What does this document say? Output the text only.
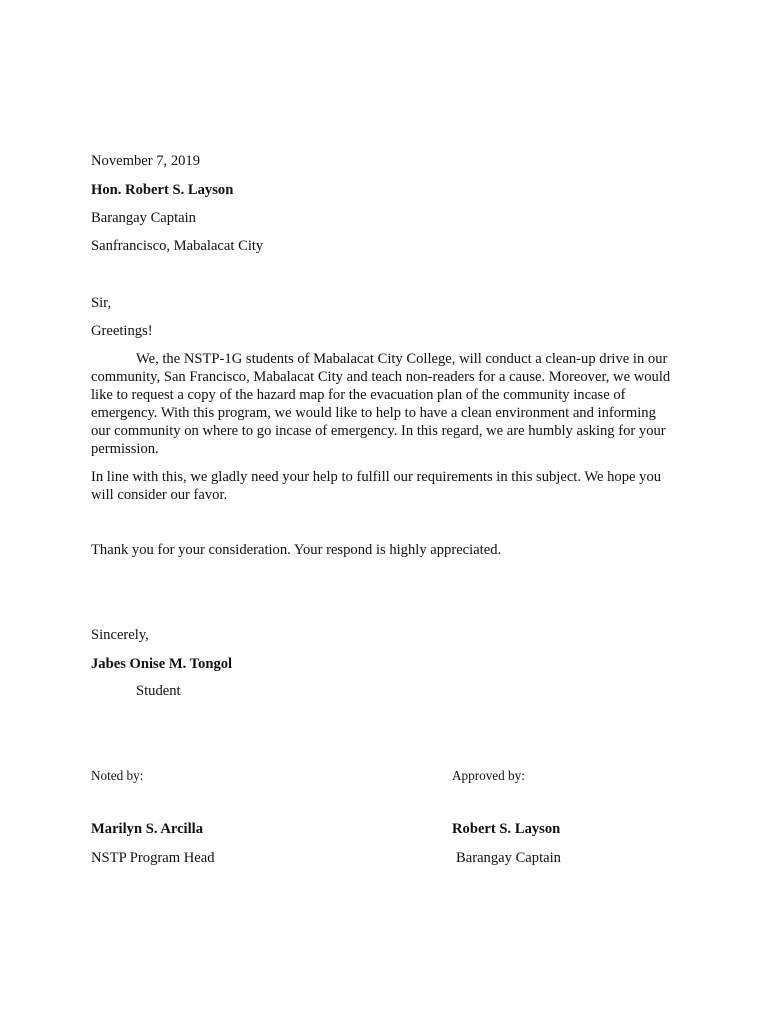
November 7, 2019
Hon. Robert S. Layson
Barangay Captain
Sanfrancisco, Mabalacat City
Sir,
Greetings!
We, the NSTP-1G students of Mabalacat City College, will conduct a clean-up drive in our community, San Francisco, Mabalacat City and teach non-readers for a cause. Moreover, we would like to request a copy of the hazard map for the evacuation plan of the community incase of emergency. With this program, we would like to help to have a clean environment and informing our community on where to go incase of emergency. In this regard, we are humbly asking for your permission.
In line with this, we gladly need your help to fulfill our requirements in this subject. We hope you will consider our favor.
Thank you for your consideration. Your respond is highly appreciated.
Sincerely,
Jabes Onise M. Tongol
Student
Noted by:	Approved by:
Marilyn S. Arcilla	Robert S. Layson
NSTP Program Head	Barangay Captain
